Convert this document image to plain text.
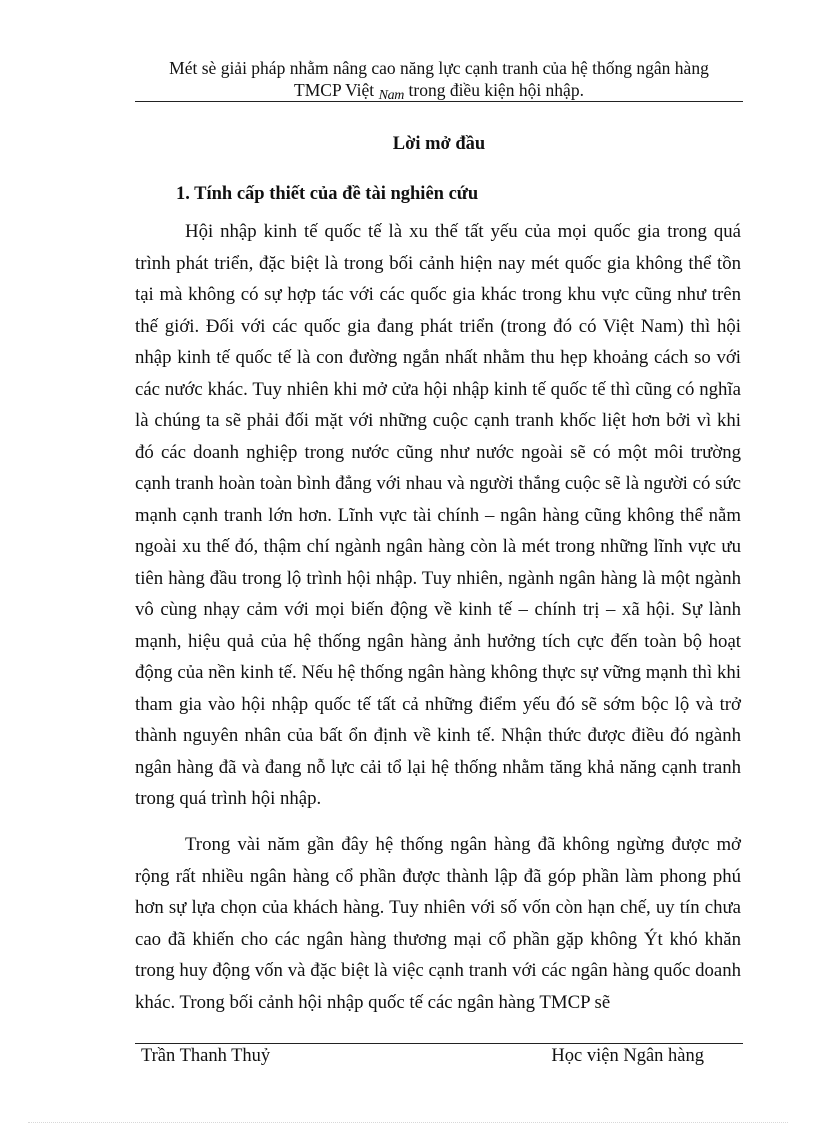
Mét sè giải pháp nhằm nâng cao năng lực cạnh tranh của hệ thống ngân hàng
TMCP Việt Nam trong điều kiện hội nhập.
Lời mở đầu
1. Tính cấp thiết của đề tài nghiên cứu

Hội nhập kinh tế quốc tế là xu thế tất yếu của mọi quốc gia trong quá trình phát triển, đặc biệt là trong bối cảnh hiện nay mét quốc gia không thể tồn tại mà không có sự hợp tác với các quốc gia khác trong khu vực cũng như trên thế giới. Đối với các quốc gia đang phát triển (trong đó có Việt Nam) thì hội nhập kinh tế quốc tế là con đường ngắn nhất nhằm thu hẹp khoảng cách so với các nước khác. Tuy nhiên khi mở cửa hội nhập kinh tế quốc tế thì cũng có nghĩa là chúng ta sẽ phải đối mặt với những cuộc cạnh tranh khốc liệt hơn bởi vì khi đó các doanh nghiệp trong nước cũng như nước ngoài sẽ có một môi trường cạnh tranh hoàn toàn bình đẳng với nhau và người thắng cuộc sẽ là người có sức mạnh cạnh tranh lớn hơn. Lĩnh vực tài chính – ngân hàng cũng không thể nằm ngoài xu thế đó, thậm chí ngành ngân hàng còn là mét trong những lĩnh vực ưu tiên hàng đầu trong lộ trình hội nhập. Tuy nhiên, ngành ngân hàng là một ngành vô cùng nhạy cảm với mọi biến động về kinh tế – chính trị – xã hội. Sự lành mạnh, hiệu quả của hệ thống ngân hàng ảnh hưởng tích cực đến toàn bộ hoạt động của nền kinh tế. Nếu hệ thống ngân hàng không thực sự vững mạnh thì khi tham gia vào hội nhập quốc tế tất cả những điểm yếu đó sẽ sớm bộc lộ và trở thành nguyên nhân của bất ổn định về kinh tế. Nhận thức được điều đó ngành ngân hàng đã và đang nỗ lực cải tổ lại hệ thống nhằm tăng khả năng cạnh tranh trong quá trình hội nhập.

Trong vài năm gần đây hệ thống ngân hàng đã không ngừng được mở rộng rất nhiều ngân hàng cổ phần được thành lập đã góp phần làm phong phú hơn sự lựa chọn của khách hàng. Tuy nhiên với số vốn còn hạn chế, uy tín chưa cao đã khiến cho các ngân hàng thương mại cổ phần gặp không Ýt khó khăn trong huy động vốn và đặc biệt là việc cạnh tranh với các ngân hàng quốc doanh khác. Trong bối cảnh hội nhập quốc tế các ngân hàng TMCP sẽ

Trần Thanh Thuỷ	Học viện Ngân hàng
